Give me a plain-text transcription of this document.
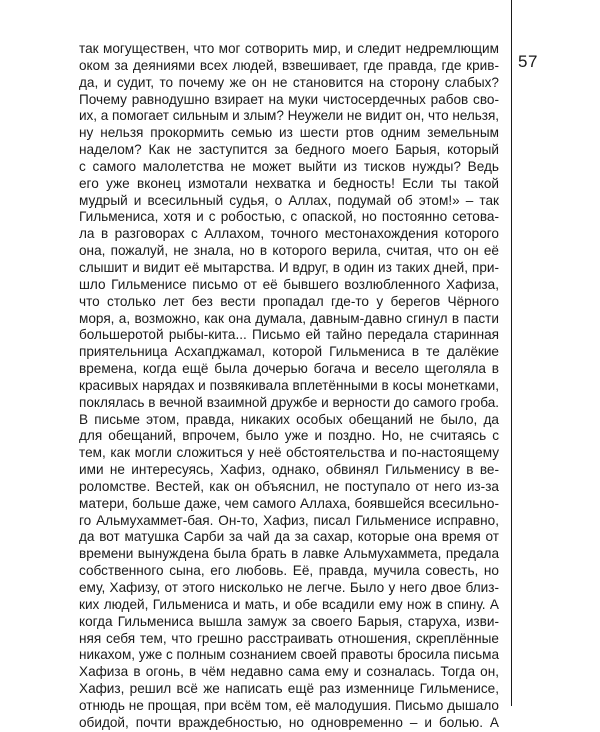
57
так могуществен, что мог сотворить мир, и следит недремлющим
оком за деяниями всех людей, взвешивает, где правда, где крив-
да, и судит, то почему же он не становится на сторону слабых?
Почему равнодушно взирает на муки чистосердечных рабов сво-
их, а помогает сильным и злым? Неужели не видит он, что нельзя,
ну нельзя прокормить семью из шести ртов одним земельным
наделом? Как не заступится за бедного моего Барыя, который
с самого малолетства не может выйти из тисков нужды? Ведь
его уже вконец измотали нехватка и бедность! Если ты такой
мудрый и всесильный судья, о Аллах, подумай об этом!» – так
Гильмениса, хотя и с робостью, с опаской, но постоянно сетова-
ла в разговорах с Аллахом, точного местонахождения которого
она, пожалуй, не знала, но в которого верила, считая, что он её
слышит и видит её мытарства. И вдруг, в один из таких дней, при-
шло Гильменисе письмо от её бывшего возлюбленного Хафиза,
что столько лет без вести пропадал где-то у берегов Чёрного
моря, а, возможно, как она думала, давным-давно сгинул в пасти
большеротой рыбы-кита... Письмо ей тайно передала старинная
приятельница Асхапджамал, которой Гильмениса в те далёкие
времена, когда ещё была дочерью богача и весело щеголяла в
красивых нарядах и позвякивала вплетёнными в косы монетками,
поклялась в вечной взаимной дружбе и верности до самого гроба.
В письме этом, правда, никаких особых обещаний не было, да
для обещаний, впрочем, было уже и поздно. Но, не считаясь с
тем, как могли сложиться у неё обстоятельства и по-настоящему
ими не интересуясь, Хафиз, однако, обвинял Гильменису в ве-
роломстве. Вестей, как он объяснил, не поступало от него из-за
матери, больше даже, чем самого Аллаха, боявшейся всесильно-
го Альмухаммет-бая. Он-то, Хафиз, писал Гильменисе исправно,
да вот матушка Сарби за чай да за сахар, которые она время от
времени вынуждена была брать в лавке Альмухаммета, предала
собственного сына, его любовь. Её, правда, мучила совесть, но
ему, Хафизу, от этого нисколько не легче. Было у него двое близ-
ких людей, Гильмениса и мать, и обе всадили ему нож в спину. А
когда Гильмениса вышла замуж за своего Барыя, старуха, изви-
няя себя тем, что грешно расстраивать отношения, скреплённые
никахом, уже с полным сознанием своей правоты бросила письма
Хафиза в огонь, в чём недавно сама ему и созналась. Тогда он,
Хафиз, решил всё же написать ещё раз изменнице Гильменисе,
отнюдь не прощая, при всём том, её малодушия. Письмо дышало
обидой, почти враждебностью, но одновременно – и болью. А
